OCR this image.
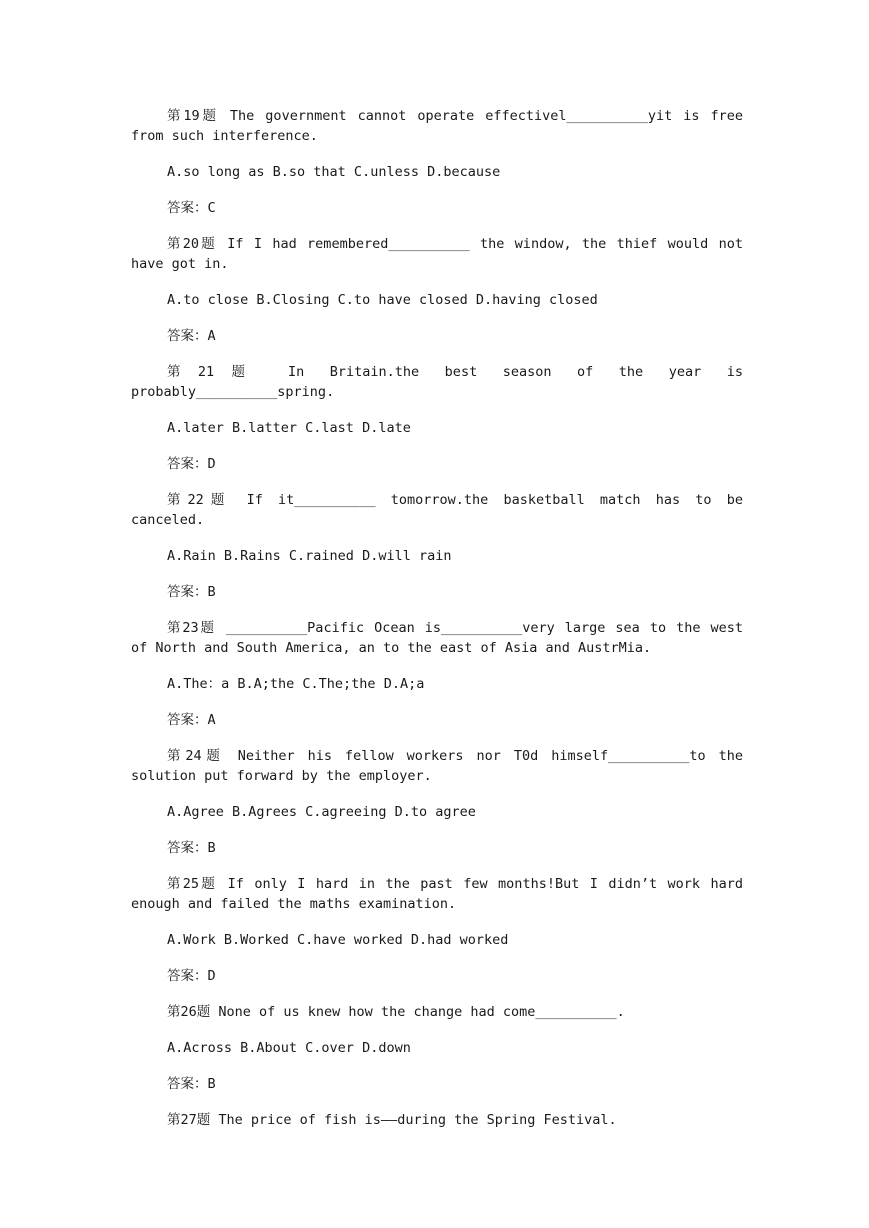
第19题 The government cannot operate effectivel__________yit is free from such interference.

A.so long as B.so that C.unless D.because

答案：C

第20题 If I had remembered__________ the window, the thief would not have got in.

A.to close B.Closing C.to have closed D.having closed

答案：A

第21题 In Britain.the best season of the year is probably__________spring.

A.later B.latter C.last D.late

答案：D

第22题 If it__________ tomorrow.the basketball match has to be canceled.

A.Rain B.Rains C.rained D.will rain

答案：B

第23题 __________Pacific Ocean is__________very large sea to the west of North and South America, an to the east of Asia and AustrMia.

A.The：a B.A;the C.The;the D.A;a

答案：A

第24题 Neither his fellow workers nor T0d himself__________to the solution put forward by the employer.

A.Agree B.Agrees C.agreeing D.to agree

答案：B

第25题 If only I hard in the past few months!But I didn’t work hard enough and failed the maths examination.

A.Work B.Worked C.have worked D.had worked

答案：D

第26题 None of us knew how the change had come__________.

A.Across B.About C.over D.down

答案：B

第27题 The price of fish is——during the Spring Festival.
